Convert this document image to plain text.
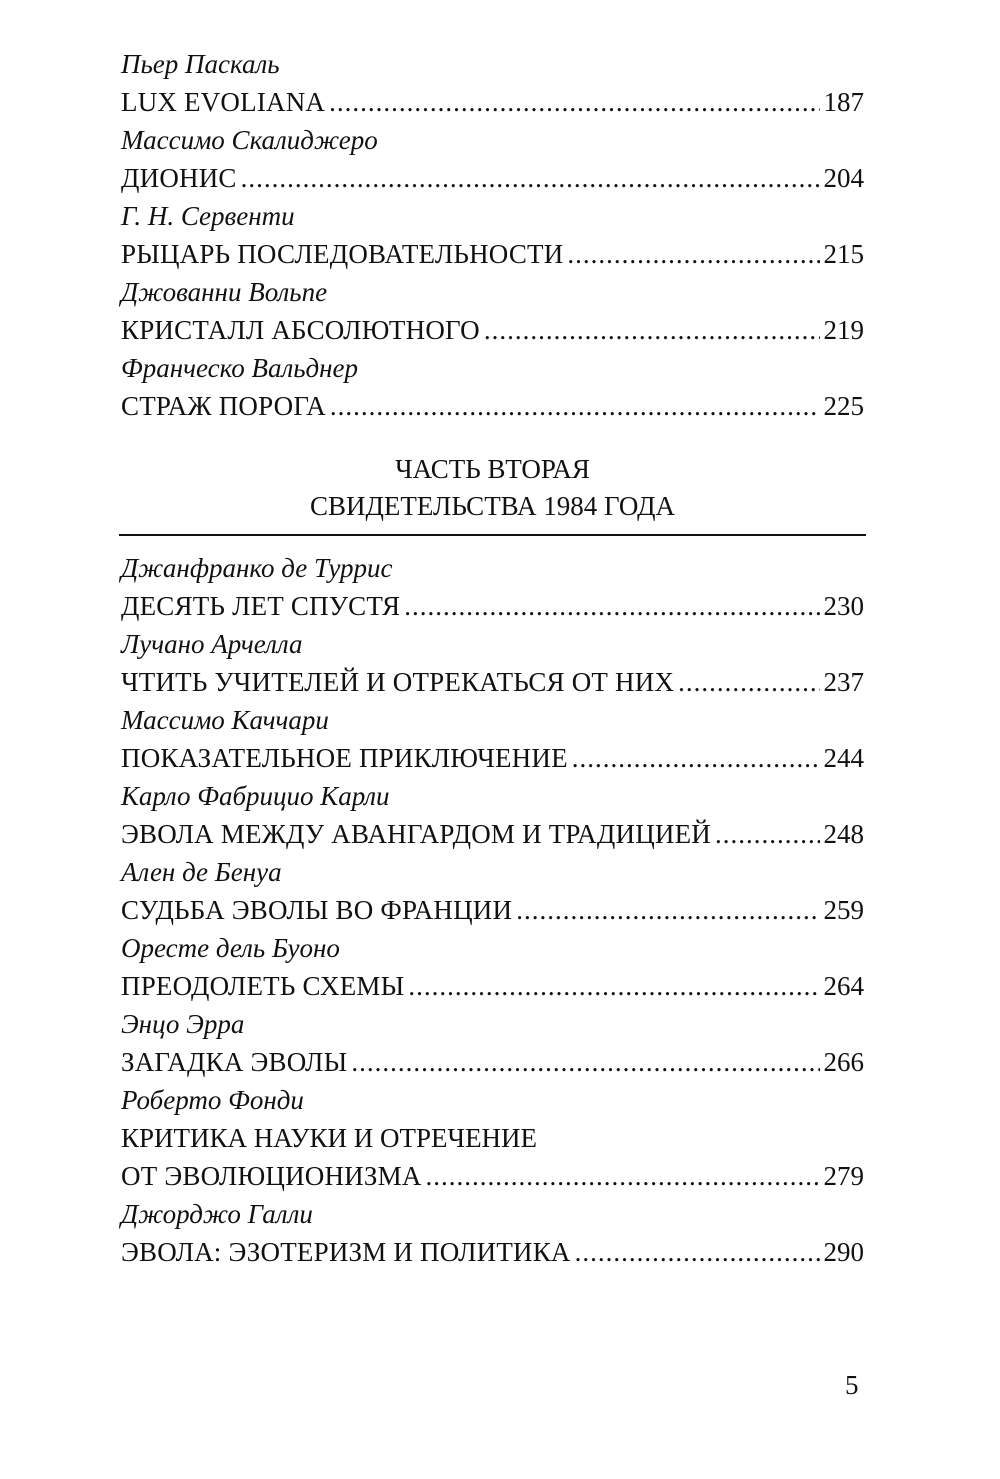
Пьер Паскаль
LUX EVOLIANA .....	187
Массимо Скалиджеро
ДИОНИС .....	204
Г. Н. Сервенти
РЫЦАРЬ ПОСЛЕДОВАТЕЛЬНОСТИ .....	215
Джованни Вольпе
КРИСТАЛЛ АБСОЛЮТНОГО .....	219
Франческо Вальднер
СТРАЖ ПОРОГА .....	225
ЧАСТЬ ВТОРАЯ
СВИДЕТЕЛЬСТВА 1984 ГОДА
Джанфранко де Туррис
ДЕСЯТЬ ЛЕТ СПУСТЯ .....	230
Лучано Арчелла
ЧТИТЬ УЧИТЕЛЕЙ И ОТРЕКАТЬСЯ ОТ НИХ .....	237
Массимо Каччари
ПОКАЗАТЕЛЬНОЕ ПРИКЛЮЧЕНИЕ .....	244
Карло Фабрицио Карли
ЭВОЛА МЕЖДУ АВАНГАРДОМ И ТРАДИЦИЕЙ .....	248
Ален де Бенуа
СУДЬБА ЭВОЛЫ ВО ФРАНЦИИ .....	259
Оресте дель Буоно
ПРЕОДОЛЕТЬ СХЕМЫ .....	264
Энцо Эрра
ЗАГАДКА ЭВОЛЫ .....	266
Роберто Фонди
КРИТИКА НАУКИ И ОТРЕЧЕНИЕ
ОТ ЭВОЛЮЦИОНИЗМА .....	279
Джорджо Галли
ЭВОЛА: ЭЗОТЕРИЗМ И ПОЛИТИКА .....	290
5
